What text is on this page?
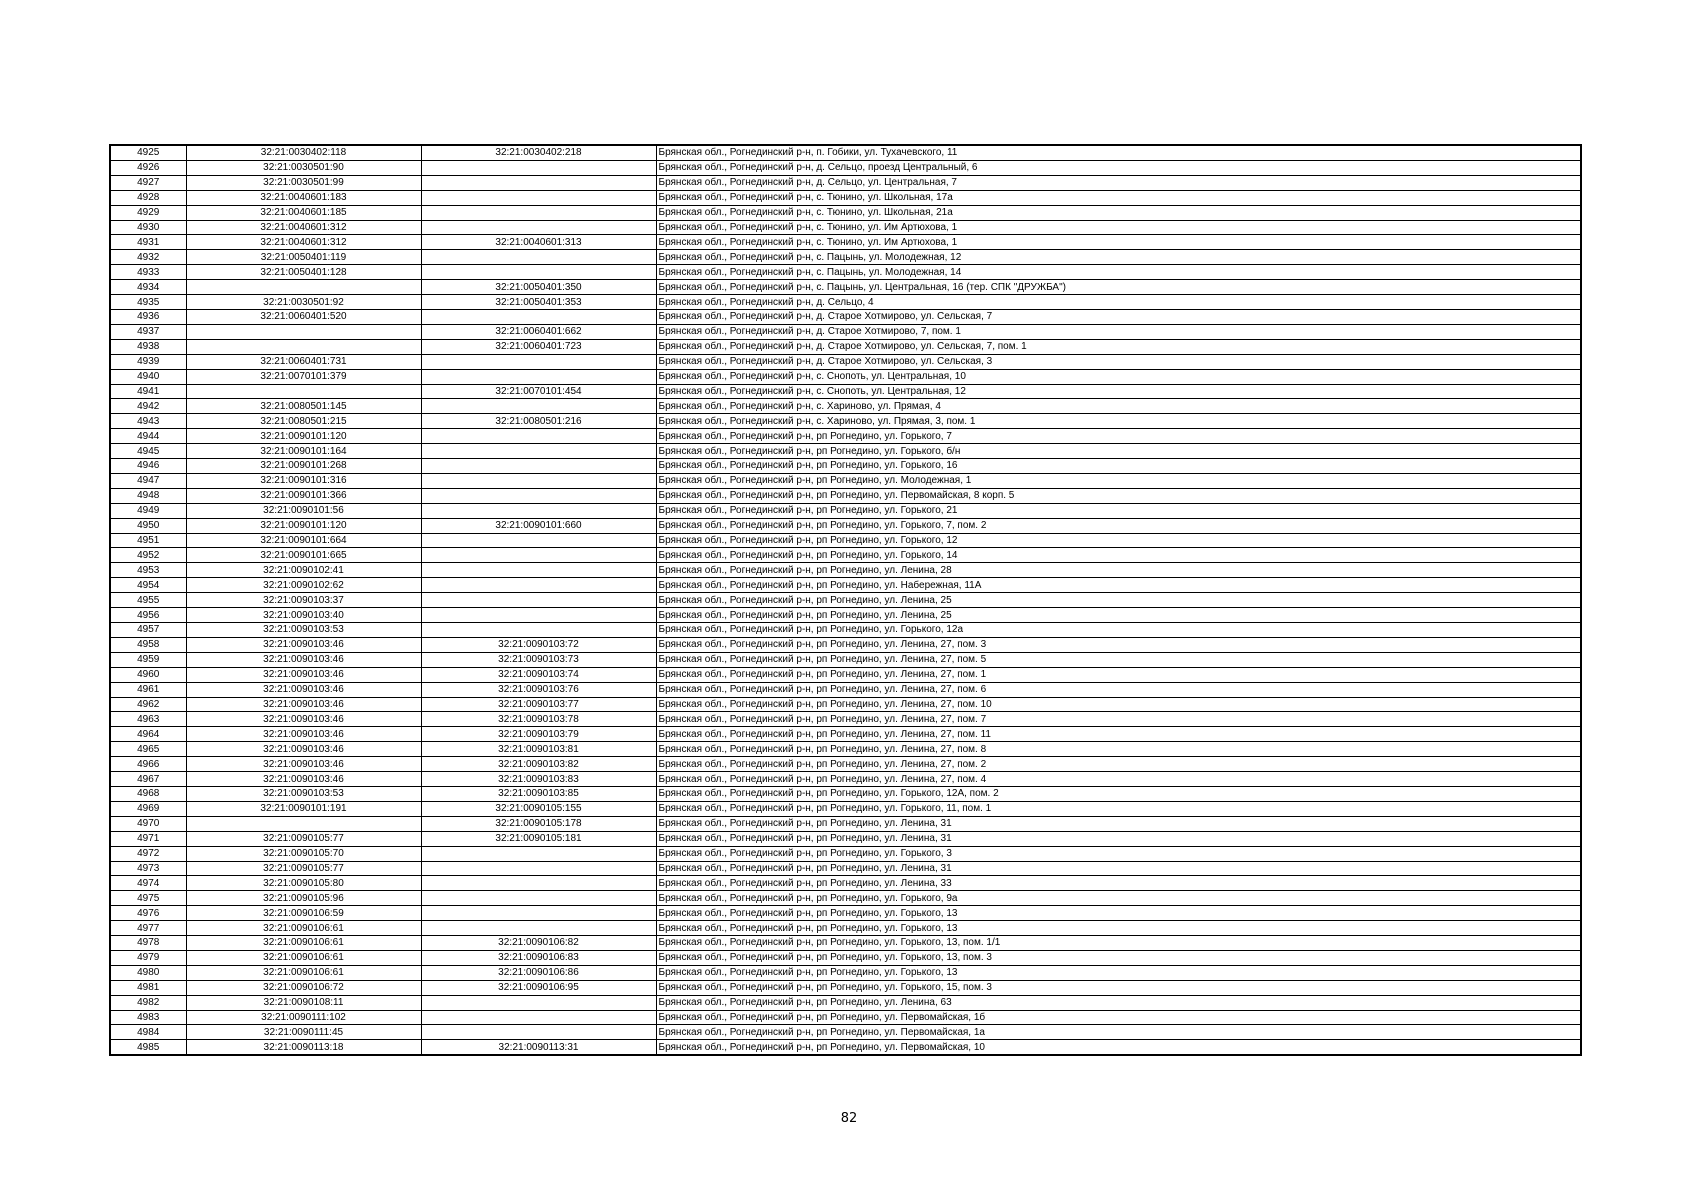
4925	32:21:0030402:118	32:21:0030402:218	Брянская обл., Рогнединский р-н, п. Гобики, ул. Тухачевского, 11
4926	32:21:0030501:90		Брянская обл., Рогнединский р-н, д. Сельцо, проезд Центральный, 6
4927	32:21:0030501:99		Брянская обл., Рогнединский р-н, д. Сельцо, ул. Центральная, 7
4928	32:21:0040601:183		Брянская обл., Рогнединский р-н, с. Тюнино, ул. Школьная, 17а
4929	32:21:0040601:185		Брянская обл., Рогнединский р-н, с. Тюнино, ул. Школьная, 21а
4930	32:21:0040601:312		Брянская обл., Рогнединский р-н, с. Тюнино, ул. Им Артюхова, 1
4931	32:21:0040601:312	32:21:0040601:313	Брянская обл., Рогнединский р-н, с. Тюнино, ул. Им Артюхова, 1
4932	32:21:0050401:119		Брянская обл., Рогнединский р-н, с. Пацынь, ул. Молодежная, 12
4933	32:21:0050401:128		Брянская обл., Рогнединский р-н, с. Пацынь, ул. Молодежная, 14
4934		32:21:0050401:350	Брянская обл., Рогнединский р-н, с. Пацынь, ул. Центральная, 16 (тер. СПК "ДРУЖБА")
4935	32:21:0030501:92	32:21:0050401:353	Брянская обл., Рогнединский р-н, д. Сельцо, 4
4936	32:21:0060401:520		Брянская обл., Рогнединский р-н, д. Старое Хотмирово, ул. Сельская, 7
4937		32:21:0060401:662	Брянская обл., Рогнединский р-н, д. Старое Хотмирово, 7, пом. 1
4938		32:21:0060401:723	Брянская обл., Рогнединский р-н, д. Старое Хотмирово, ул. Сельская, 7, пом. 1
4939	32:21:0060401:731		Брянская обл., Рогнединский р-н, д. Старое Хотмирово, ул. Сельская, 3
4940	32:21:0070101:379		Брянская обл., Рогнединский р-н, с. Снопоть, ул. Центральная, 10
4941		32:21:0070101:454	Брянская обл., Рогнединский р-н, с. Снопоть, ул. Центральная, 12
4942	32:21:0080501:145		Брянская обл., Рогнединский р-н, с. Хариново, ул. Прямая, 4
4943	32:21:0080501:215	32:21:0080501:216	Брянская обл., Рогнединский р-н, с. Хариново, ул. Прямая, 3, пом. 1
4944	32:21:0090101:120		Брянская обл., Рогнединский р-н, рп Рогнедино, ул. Горького, 7
4945	32:21:0090101:164		Брянская обл., Рогнединский р-н, рп Рогнедино, ул. Горького, б/н
4946	32:21:0090101:268		Брянская обл., Рогнединский р-н, рп Рогнедино, ул. Горького, 16
4947	32:21:0090101:316		Брянская обл., Рогнединский р-н, рп Рогнедино, ул. Молодежная, 1
4948	32:21:0090101:366		Брянская обл., Рогнединский р-н, рп Рогнедино, ул. Первомайская, 8 корп. 5
4949	32:21:0090101:56		Брянская обл., Рогнединский р-н, рп Рогнедино, ул. Горького, 21
4950	32:21:0090101:120	32:21:0090101:660	Брянская обл., Рогнединский р-н, рп Рогнедино, ул. Горького, 7, пом. 2
4951	32:21:0090101:664		Брянская обл., Рогнединский р-н, рп Рогнедино, ул. Горького, 12
4952	32:21:0090101:665		Брянская обл., Рогнединский р-н, рп Рогнедино, ул. Горького, 14
4953	32:21:0090102:41		Брянская обл., Рогнединский р-н, рп Рогнедино, ул. Ленина, 28
4954	32:21:0090102:62		Брянская обл., Рогнединский р-н, рп Рогнедино, ул. Набережная, 11А
4955	32:21:0090103:37		Брянская обл., Рогнединский р-н, рп Рогнедино, ул. Ленина, 25
4956	32:21:0090103:40		Брянская обл., Рогнединский р-н, рп Рогнедино, ул. Ленина, 25
4957	32:21:0090103:53		Брянская обл., Рогнединский р-н, рп Рогнедино, ул. Горького, 12а
4958	32:21:0090103:46	32:21:0090103:72	Брянская обл., Рогнединский р-н, рп Рогнедино, ул. Ленина, 27, пом. 3
4959	32:21:0090103:46	32:21:0090103:73	Брянская обл., Рогнединский р-н, рп Рогнедино, ул. Ленина, 27, пом. 5
4960	32:21:0090103:46	32:21:0090103:74	Брянская обл., Рогнединский р-н, рп Рогнедино, ул. Ленина, 27, пом. 1
4961	32:21:0090103:46	32:21:0090103:76	Брянская обл., Рогнединский р-н, рп Рогнедино, ул. Ленина, 27, пом. 6
4962	32:21:0090103:46	32:21:0090103:77	Брянская обл., Рогнединский р-н, рп Рогнедино, ул. Ленина, 27, пом. 10
4963	32:21:0090103:46	32:21:0090103:78	Брянская обл., Рогнединский р-н, рп Рогнедино, ул. Ленина, 27, пом. 7
4964	32:21:0090103:46	32:21:0090103:79	Брянская обл., Рогнединский р-н, рп Рогнедино, ул. Ленина, 27, пом. 11
4965	32:21:0090103:46	32:21:0090103:81	Брянская обл., Рогнединский р-н, рп Рогнедино, ул. Ленина, 27, пом. 8
4966	32:21:0090103:46	32:21:0090103:82	Брянская обл., Рогнединский р-н, рп Рогнедино, ул. Ленина, 27, пом. 2
4967	32:21:0090103:46	32:21:0090103:83	Брянская обл., Рогнединский р-н, рп Рогнедино, ул. Ленина, 27, пом. 4
4968	32:21:0090103:53	32:21:0090103:85	Брянская обл., Рогнединский р-н, рп Рогнедино, ул. Горького, 12А, пом. 2
4969	32:21:0090101:191	32:21:0090105:155	Брянская обл., Рогнединский р-н, рп Рогнедино, ул. Горького, 11, пом. 1
4970		32:21:0090105:178	Брянская обл., Рогнединский р-н, рп Рогнедино, ул. Ленина, 31
4971	32:21:0090105:77	32:21:0090105:181	Брянская обл., Рогнединский р-н, рп Рогнедино, ул. Ленина, 31
4972	32:21:0090105:70		Брянская обл., Рогнединский р-н, рп Рогнедино, ул. Горького, 3
4973	32:21:0090105:77		Брянская обл., Рогнединский р-н, рп Рогнедино, ул. Ленина, 31
4974	32:21:0090105:80		Брянская обл., Рогнединский р-н, рп Рогнедино, ул. Ленина, 33
4975	32:21:0090105:96		Брянская обл., Рогнединский р-н, рп Рогнедино, ул. Горького, 9а
4976	32:21:0090106:59		Брянская обл., Рогнединский р-н, рп Рогнедино, ул. Горького, 13
4977	32:21:0090106:61		Брянская обл., Рогнединский р-н, рп Рогнедино, ул. Горького, 13
4978	32:21:0090106:61	32:21:0090106:82	Брянская обл., Рогнединский р-н, рп Рогнедино, ул. Горького, 13, пом. 1/1
4979	32:21:0090106:61	32:21:0090106:83	Брянская обл., Рогнединский р-н, рп Рогнедино, ул. Горького, 13, пом. 3
4980	32:21:0090106:61	32:21:0090106:86	Брянская обл., Рогнединский р-н, рп Рогнедино, ул. Горького, 13
4981	32:21:0090106:72	32:21:0090106:95	Брянская обл., Рогнединский р-н, рп Рогнедино, ул. Горького, 15, пом. 3
4982	32:21:0090108:11		Брянская обл., Рогнединский р-н, рп Рогнедино, ул. Ленина, 63
4983	32:21:0090111:102		Брянская обл., Рогнединский р-н, рп Рогнедино, ул. Первомайская, 1б
4984	32:21:0090111:45		Брянская обл., Рогнединский р-н, рп Рогнедино, ул. Первомайская, 1а
4985	32:21:0090113:18	32:21:0090113:31	Брянская обл., Рогнединский р-н, рп Рогнедино, ул. Первомайская, 10
82
